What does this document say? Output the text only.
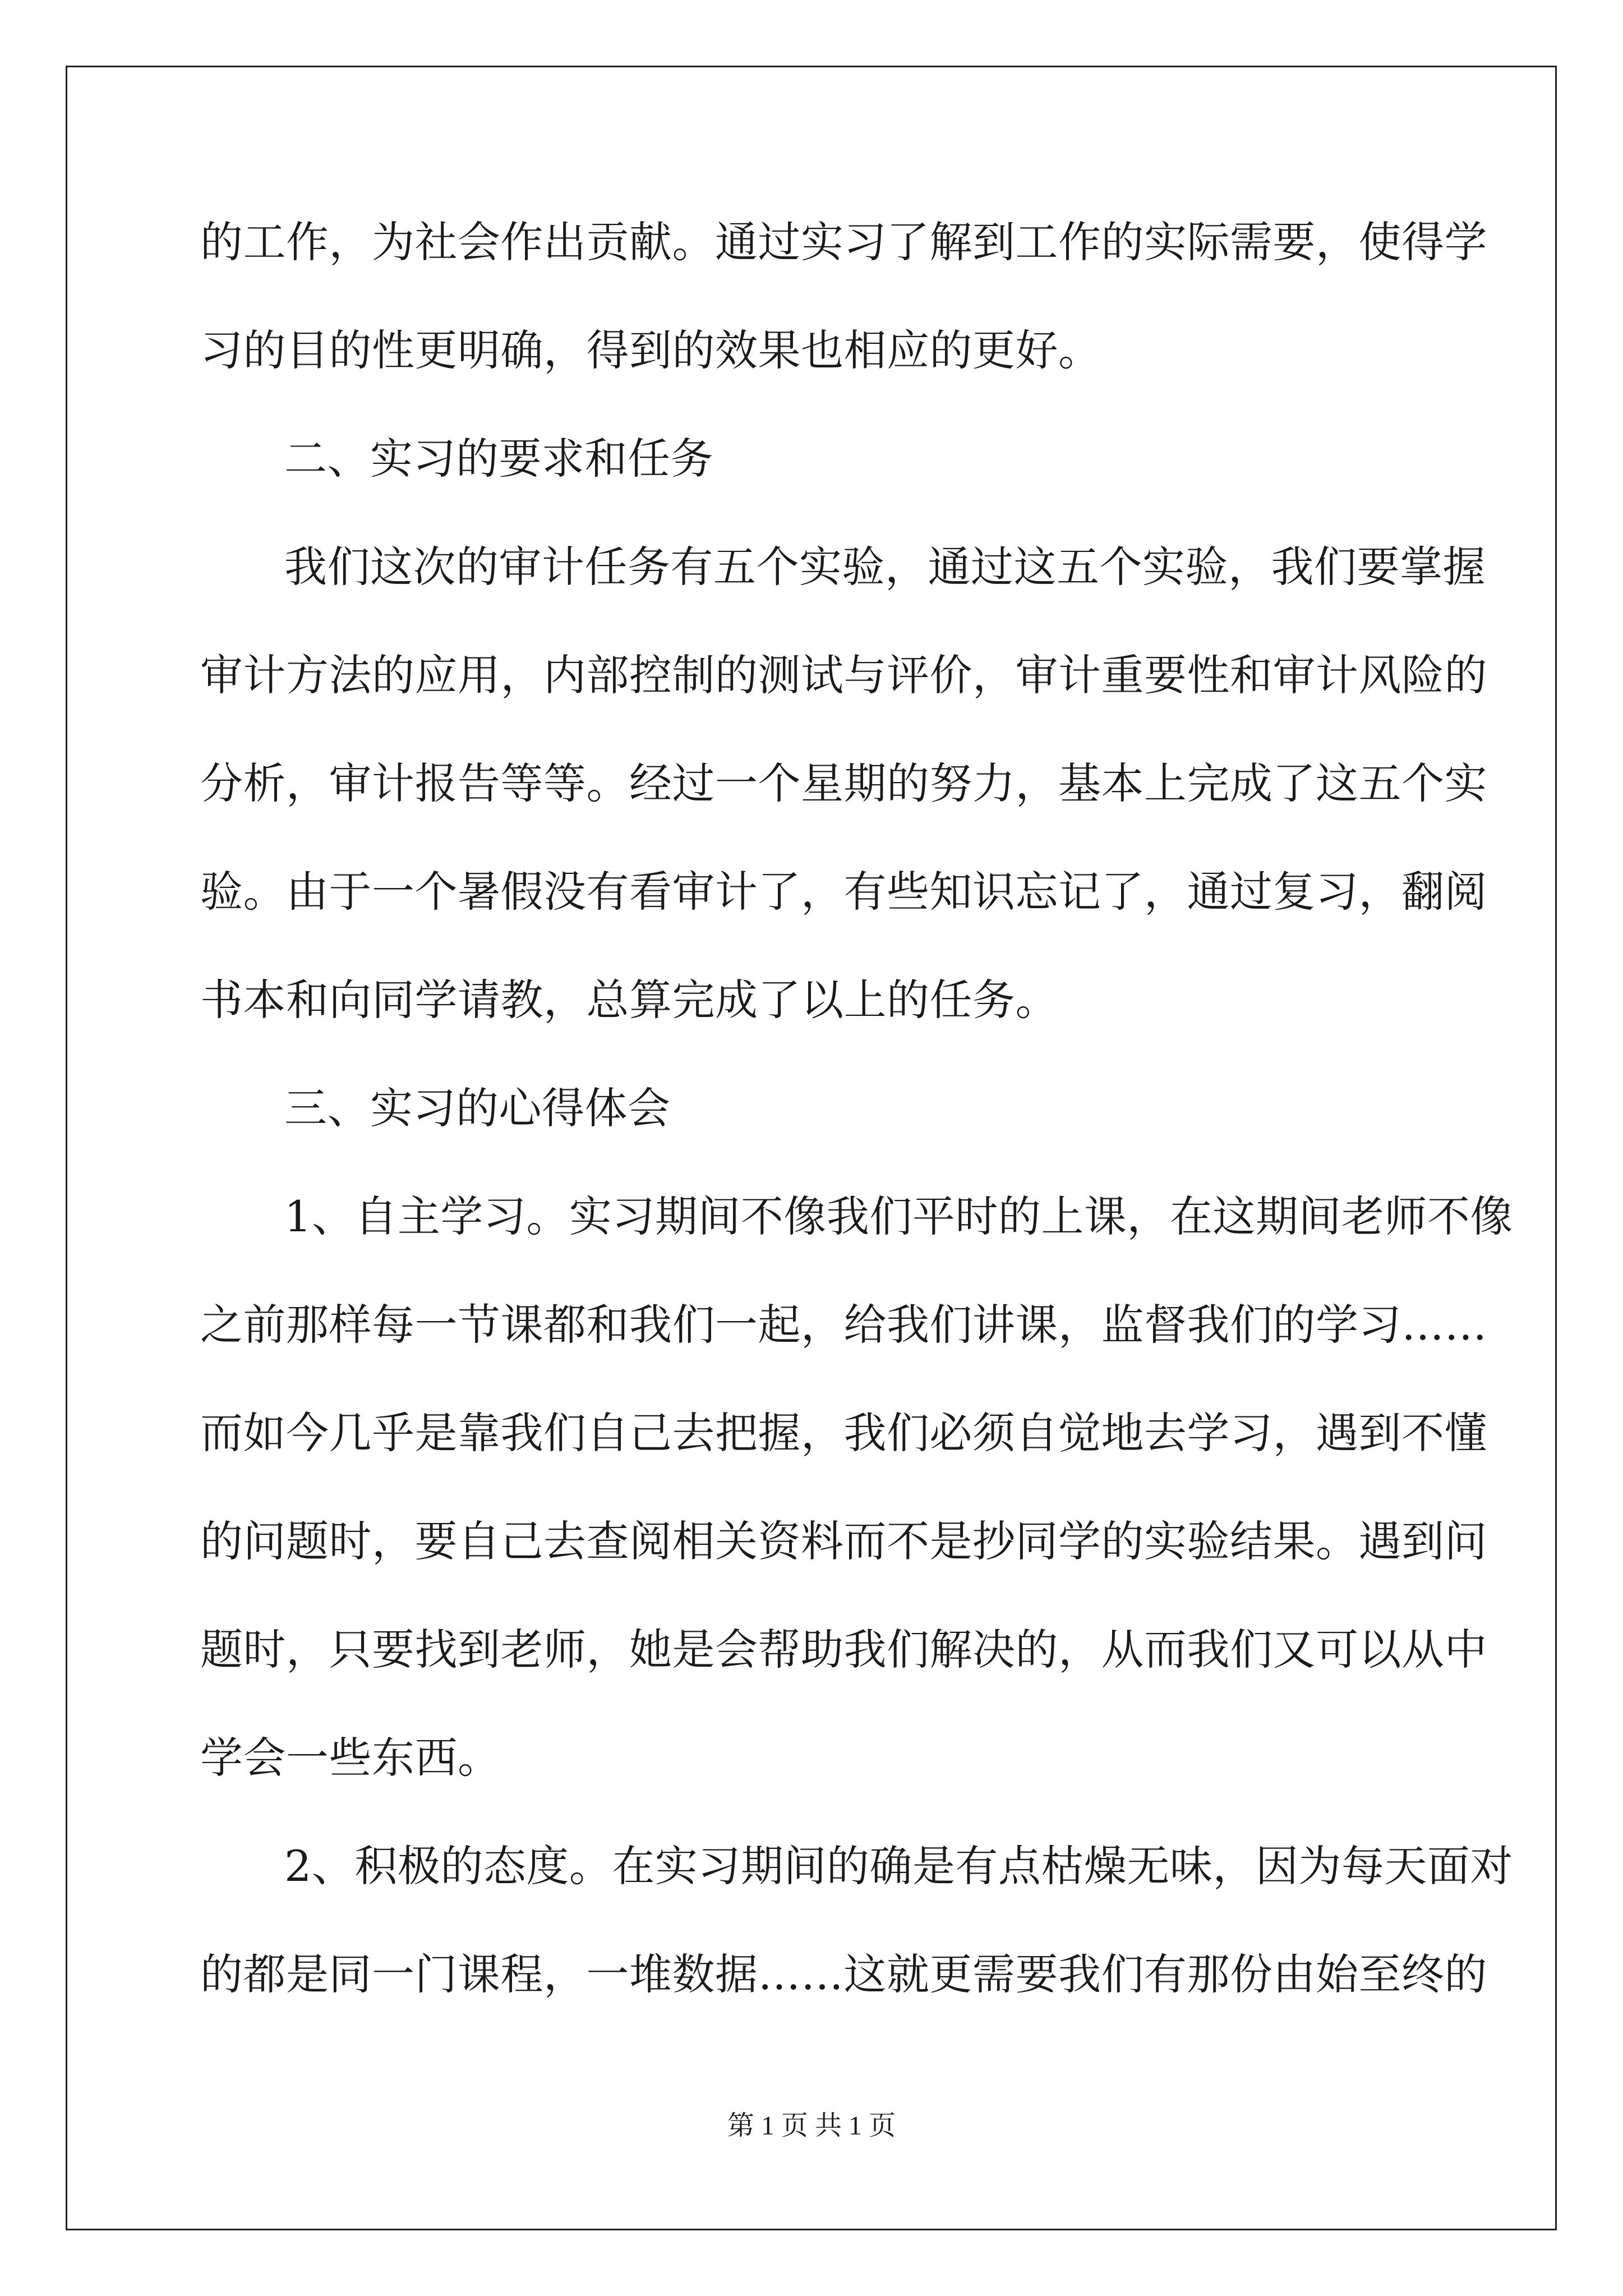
的工作，为社会作出贡献。通过实习了解到工作的实际需要，使得学
习的目的性更明确，得到的效果也相应的更好。
二、实习的要求和任务
我们这次的审计任务有五个实验，通过这五个实验，我们要掌握
审计方法的应用，内部控制的测试与评价，审计重要性和审计风险的
分析，审计报告等等。经过一个星期的努力，基本上完成了这五个实
验。由于一个暑假没有看审计了，有些知识忘记了，通过复习，翻阅
书本和向同学请教，总算完成了以上的任务。
三、实习的心得体会
1、自主学习。实习期间不像我们平时的上课，在这期间老师不像
之前那样每一节课都和我们一起，给我们讲课，监督我们的学习……
而如今几乎是靠我们自己去把握，我们必须自觉地去学习，遇到不懂
的问题时，要自己去查阅相关资料而不是抄同学的实验结果。遇到问
题时，只要找到老师，她是会帮助我们解决的，从而我们又可以从中
学会一些东西。
2、积极的态度。在实习期间的确是有点枯燥无味，因为每天面对
的都是同一门课程，一堆数据……这就更需要我们有那份由始至终的
第 1 页 共 1 页
